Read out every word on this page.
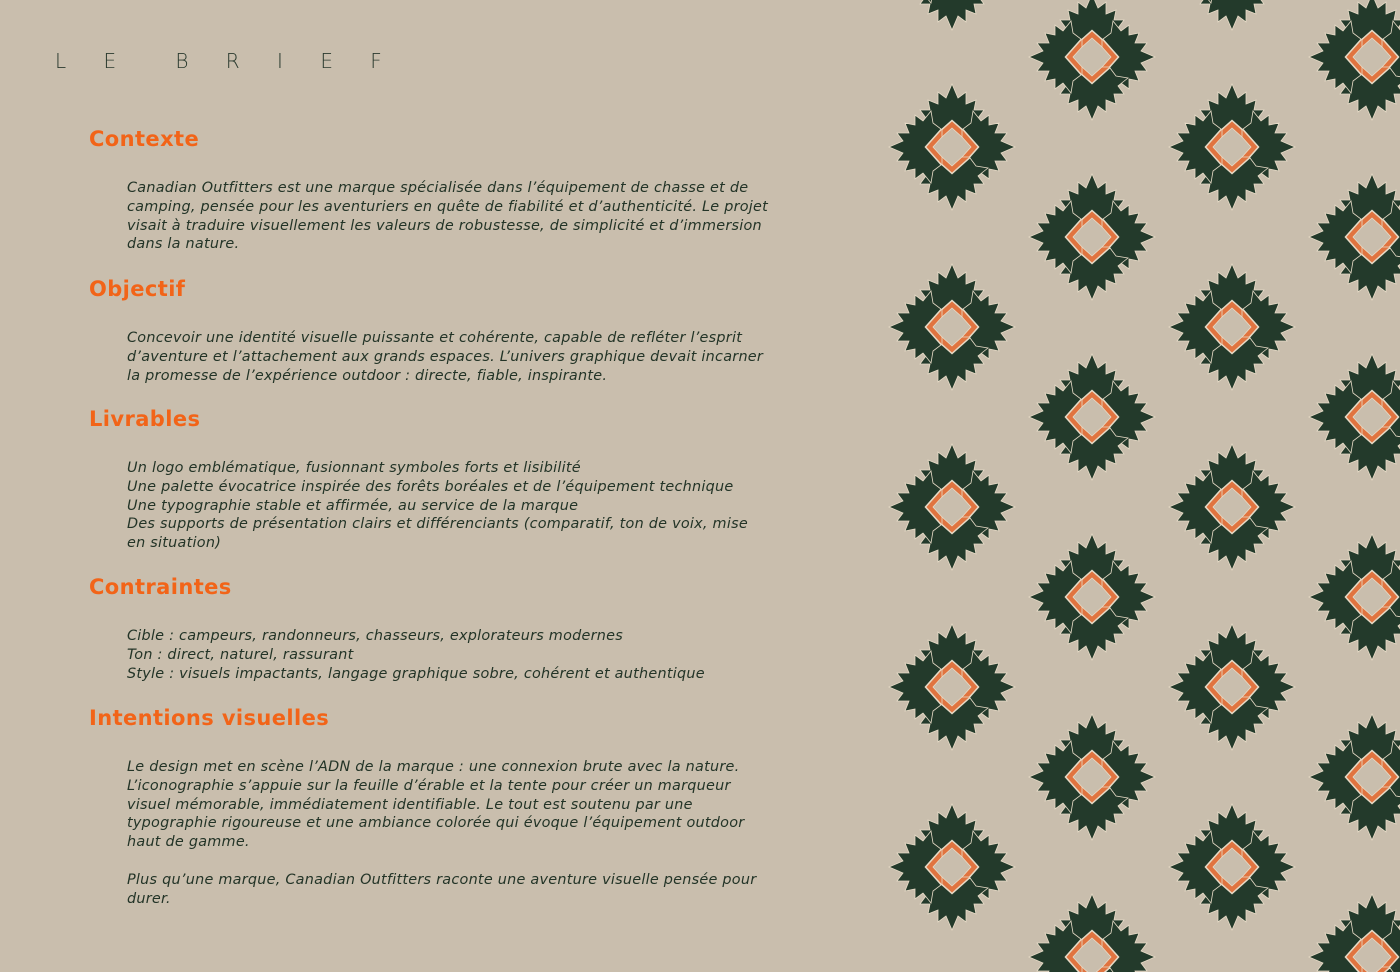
L E  B R I E F
Contexte

Canadian Outfitters est une marque spécialisée dans l’équipement de chasse et de

camping, pensée pour les aventuriers en quête de fiabilité et d’authenticité. Le projet

visait à traduire visuellement les valeurs de robustesse, de simplicité et d’immersion

dans la nature.

Objectif

Concevoir une identité visuelle puissante et cohérente, capable de refléter l’esprit

d’aventure et l’attachement aux grands espaces. L’univers graphique devait incarner

la promesse de l’expérience outdoor : directe, fiable, inspirante.

Livrables

Un logo emblématique, fusionnant symboles forts et lisibilité

Une palette évocatrice inspirée des forêts boréales et de l’équipement technique

Une typographie stable et affirmée, au service de la marque

Des supports de présentation clairs et différenciants (comparatif, ton de voix, mise

en situation)

Contraintes

Cible : campeurs, randonneurs, chasseurs, explorateurs modernes

Ton : direct, naturel, rassurant

Style : visuels impactants, langage graphique sobre, cohérent et authentique

Intentions visuelles

Le design met en scène l’ADN de la marque : une connexion brute avec la nature.

L’iconographie s’appuie sur la feuille d’érable et la tente pour créer un marqueur

visuel mémorable, immédiatement identifiable. Le tout est soutenu par une

typographie rigoureuse et une ambiance colorée qui évoque l’équipement outdoor

haut de gamme.

Plus qu’une marque, Canadian Outfitters raconte une aventure visuelle pensée pour

durer.
